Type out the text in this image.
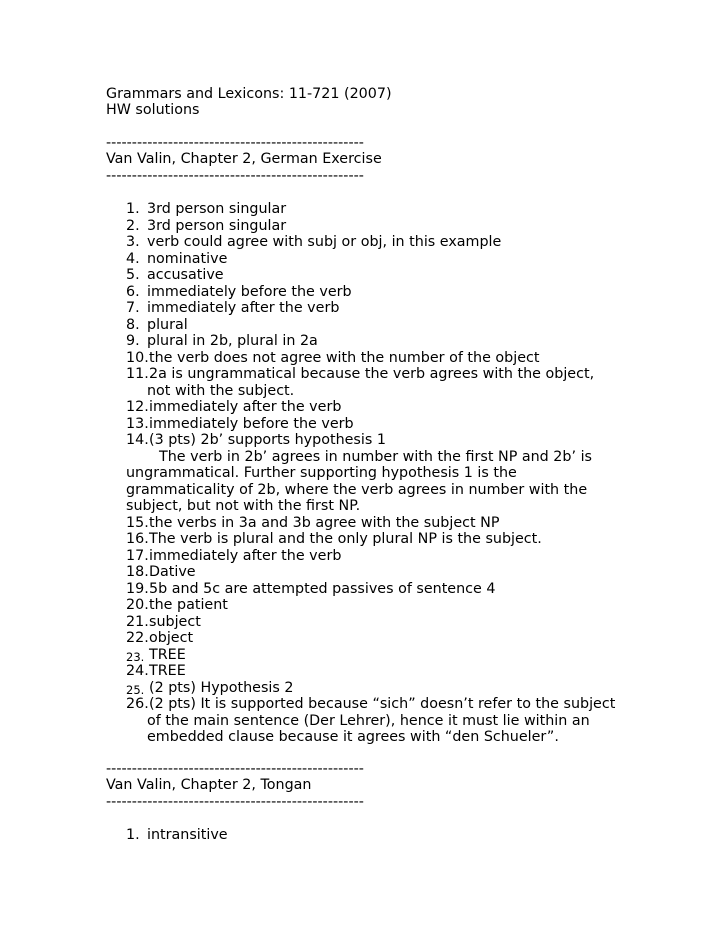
Grammars and Lexicons: 11-721 (2007)
HW solutions
--------------------------------------------------
Van Valin, Chapter 2, German Exercise
--------------------------------------------------
1. 3rd person singular
2. 3rd person singular
3. verb could agree with subj or obj, in this example
4. nominative
5. accusative
6. immediately before the verb
7. immediately after the verb
8. plural
9. plural in 2b, plural in 2a
10. the verb does not agree with the number of the object
11. 2a is ungrammatical because the verb agrees with the object,
not with the subject.
12. immediately after the verb
13. immediately before the verb
14. (3 pts) 2b’ supports hypothesis 1
The verb in 2b’ agrees in number with the first NP and 2b’ is
ungrammatical. Further supporting hypothesis 1 is the
grammaticality of 2b, where the verb agrees in number with the
subject, but not with the first NP.
15. the verbs in 3a and 3b agree with the subject NP
16. The verb is plural and the only plural NP is the subject.
17. immediately after the verb
18. Dative
19. 5b and 5c are attempted passives of sentence 4
20. the patient
21. subject
22. object
23. TREE
24. TREE
25. (2 pts) Hypothesis 2
26. (2 pts) It is supported because “sich” doesn’t refer to the subject
of the main sentence (Der Lehrer), hence it must lie within an
embedded clause because it agrees with “den Schueler”.
--------------------------------------------------
Van Valin, Chapter 2, Tongan
--------------------------------------------------
1. intransitive
